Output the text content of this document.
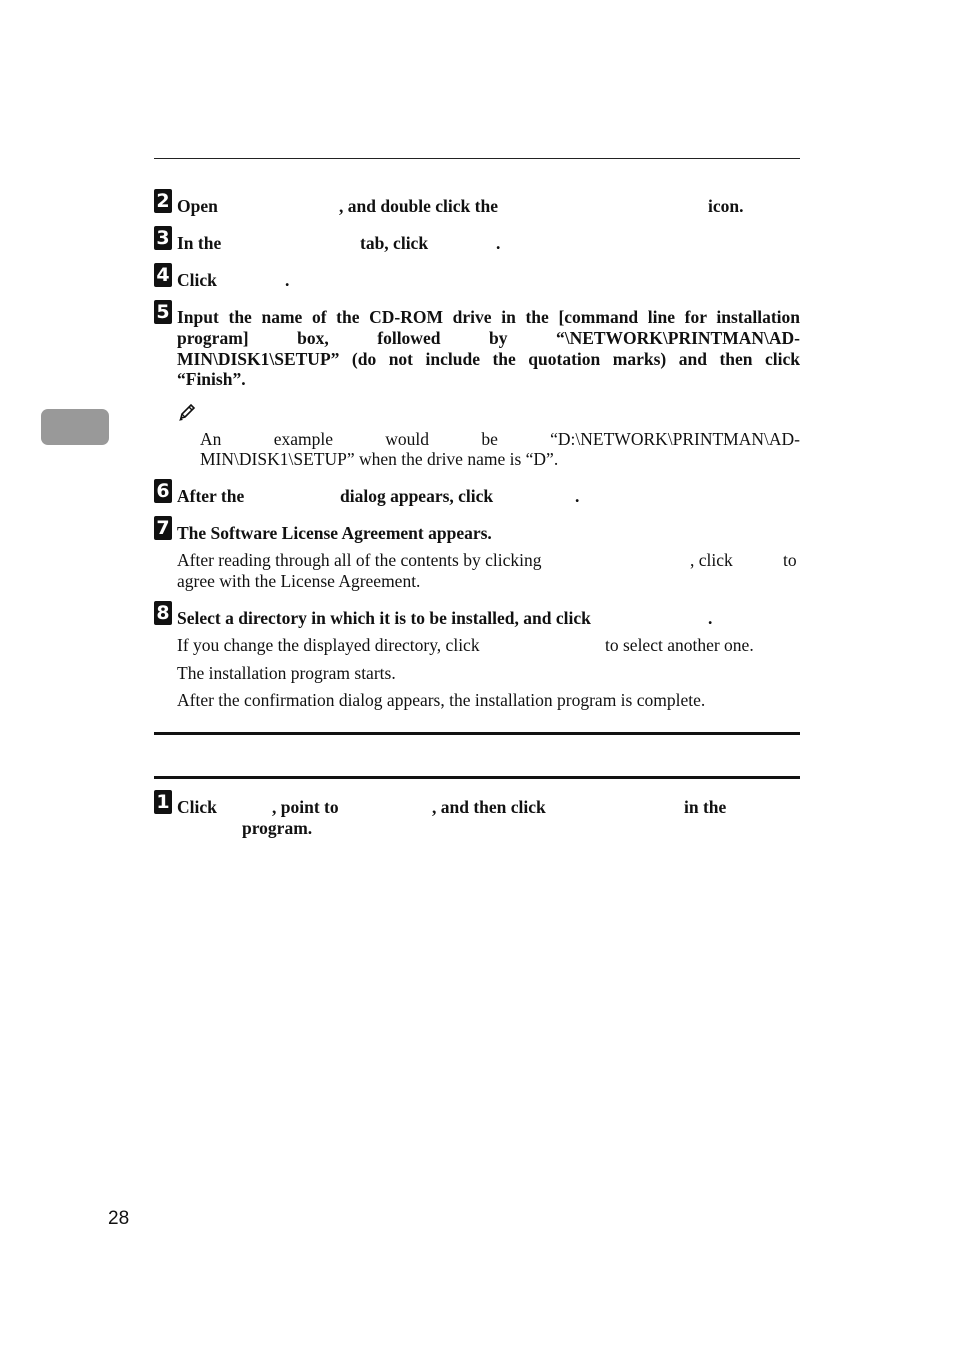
2 Open	, and double click the	icon.
3 In the	tab, click	.
4 Click	.
5 Input the name of the CD-ROM drive in the [command line for installation
program] box, followed by “\NETWORK\PRINTMAN\AD-
MIN\DISK1\SETUP” (do not include the quotation marks) and then click
“Finish”.
An example would be “D:\NETWORK\PRINTMAN\AD-
MIN\DISK1\SETUP” when the drive name is “D”.
6 After the	dialog appears, click	.
7 The Software License Agreement appears.
After reading through all of the contents by clicking	, click	to
agree with the License Agreement.
8 Select a directory in which it is to be installed, and click	.
If you change the displayed directory, click	to select another one.
The installation program starts.
After the confirmation dialog appears, the installation program is complete.
1 Click	, point to	, and then click	in the
program.
28
